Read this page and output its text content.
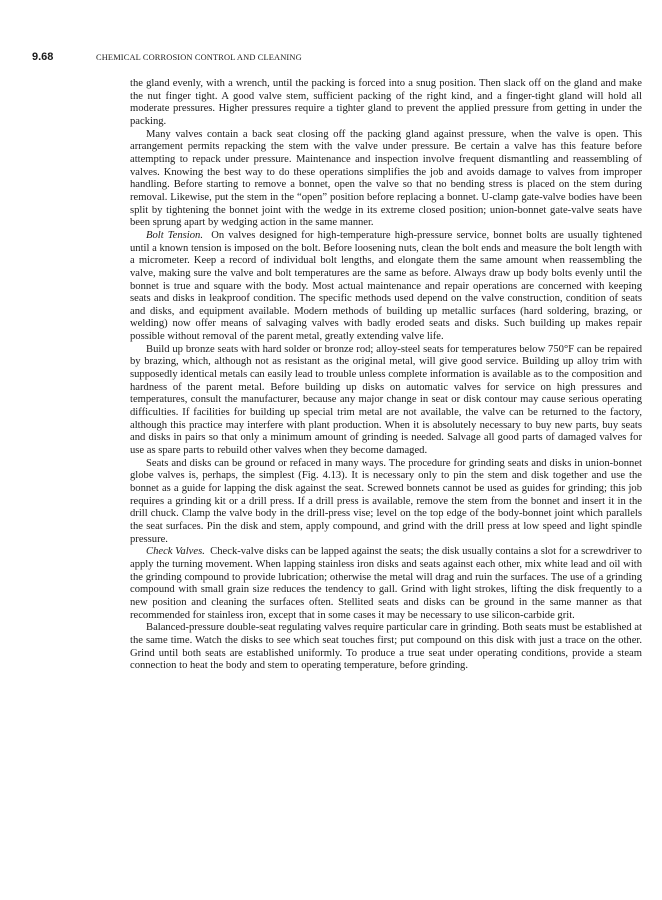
9.68	CHEMICAL CORROSION CONTROL AND CLEANING

the gland evenly, with a wrench, until the packing is forced into a snug position. Then slack off on the gland and make the nut finger tight. A good valve stem, sufficient packing of the right kind, and a finger-tight gland will hold all moderate pressures. Higher pressures require a tighter gland to prevent the applied pressure from getting in under the packing.

Many valves contain a back seat closing off the packing gland against pressure, when the valve is open. This arrangement permits repacking the stem with the valve under pressure. Be certain a valve has this feature before attempting to repack under pressure. Maintenance and inspection involve frequent dismantling and reassembling of valves. Knowing the best way to do these operations simplifies the job and avoids damage to valves from improper handling. Before starting to remove a bonnet, open the valve so that no bending stress is placed on the stem during removal. Likewise, put the stem in the “open” position before replacing a bonnet. U-clamp gate-valve bodies have been split by tightening the bonnet joint with the wedge in its extreme closed position; union-bonnet gate-valve seats have been sprung apart by wedging action in the same manner.

Bolt Tension. On valves designed for high-temperature high-pressure service, bonnet bolts are usually tightened until a known tension is imposed on the bolt. Before loosening nuts, clean the bolt ends and measure the bolt length with a micrometer. Keep a record of individual bolt lengths, and elongate them the same amount when reassembling the valve, making sure the valve and bolt temperatures are the same as before. Always draw up body bolts evenly until the bonnet is true and square with the body. Most actual maintenance and repair operations are concerned with keeping seats and disks in leakproof condition. The specific methods used depend on the valve construction, condition of seats and disks, and equipment available. Modern methods of building up metallic surfaces (hard soldering, brazing, or welding) now offer means of salvaging valves with badly eroded seats and disks. Such building up makes repair possible without removal of the parent metal, greatly extending valve life.

Build up bronze seats with hard solder or bronze rod; alloy-steel seats for temperatures below 750°F can be repaired by brazing, which, although not as resistant as the original metal, will give good service. Building up alloy trim with supposedly identical metals can easily lead to trouble unless complete information is available as to the composition and hardness of the parent metal. Before building up disks on automatic valves for service on high pressures and temperatures, consult the manufacturer, because any major change in seat or disk contour may cause serious operating difficulties. If facilities for building up special trim metal are not available, the valve can be returned to the factory, although this practice may interfere with plant production. When it is absolutely necessary to buy new parts, buy seats and disks in pairs so that only a minimum amount of grinding is needed. Salvage all good parts of damaged valves for use as spare parts to rebuild other valves when they become damaged.

Seats and disks can be ground or refaced in many ways. The procedure for grinding seats and disks in union-bonnet globe valves is, perhaps, the simplest (Fig. 4.13). It is necessary only to pin the stem and disk together and use the bonnet as a guide for lapping the disk against the seat. Screwed bonnets cannot be used as guides for grinding; this job requires a grinding kit or a drill press. If a drill press is available, remove the stem from the bonnet and insert it in the drill chuck. Clamp the valve body in the drill-press vise; level on the top edge of the body-bonnet joint which parallels the seat surfaces. Pin the disk and stem, apply compound, and grind with the drill press at low speed and light spindle pressure.

Check Valves. Check-valve disks can be lapped against the seats; the disk usually contains a slot for a screwdriver to apply the turning movement. When lapping stainless iron disks and seats against each other, mix white lead and oil with the grinding compound to provide lubrication; otherwise the metal will drag and ruin the surfaces. The use of a grinding compound with small grain size reduces the tendency to gall. Grind with light strokes, lifting the disk frequently to a new position and cleaning the surfaces often. Stellited seats and disks can be ground in the same manner as that recommended for stainless iron, except that in some cases it may be necessary to use silicon-carbide grit.

Balanced-pressure double-seat regulating valves require particular care in grinding. Both seats must be established at the same time. Watch the disks to see which seat touches first; put compound on this disk with just a trace on the other. Grind until both seats are established uniformly. To produce a true seat under operating conditions, provide a steam connection to heat the body and stem to operating temperature, before grinding.
